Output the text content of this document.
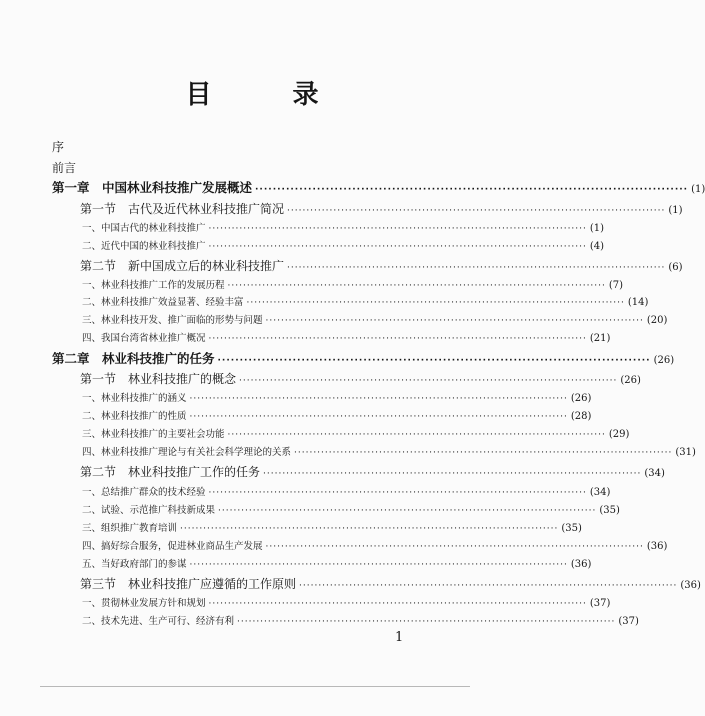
目 录
序
前言
第一章　中国林业科技推广发展概述 ·································································································· (1)
第一节　古代及近代林业科技推广简况 ·································································································· (1)
一、中国古代的林业科技推广 ·································································································· (1)
二、近代中国的林业科技推广 ·································································································· (4)
第二节　新中国成立后的林业科技推广 ·································································································· (6)
一、林业科技推广工作的发展历程 ·································································································· (7)
二、林业科技推广效益显著、经验丰富 ·································································································· (14)
三、林业科技开发、推广面临的形势与问题 ·································································································· (20)
四、我国台湾省林业推广概况 ·································································································· (21)
第二章　林业科技推广的任务 ·································································································· (26)
第一节　林业科技推广的概念 ·································································································· (26)
一、林业科技推广的涵义 ·································································································· (26)
二、林业科技推广的性质 ·································································································· (28)
三、林业科技推广的主要社会功能 ·································································································· (29)
四、林业科技推广理论与有关社会科学理论的关系 ·································································································· (31)
第二节　林业科技推广工作的任务 ·································································································· (34)
一、总结推广群众的技术经验 ·································································································· (34)
二、试验、示范推广科技新成果 ·································································································· (35)
三、组织推广教育培训 ·································································································· (35)
四、搞好综合服务，促进林业商品生产发展 ·································································································· (36)
五、当好政府部门的参谋 ·································································································· (36)
第三节　林业科技推广应遵循的工作原则 ·································································································· (36)
一、贯彻林业发展方针和规划 ·································································································· (37)
二、技术先进、生产可行、经济有利 ·································································································· (37)
1
